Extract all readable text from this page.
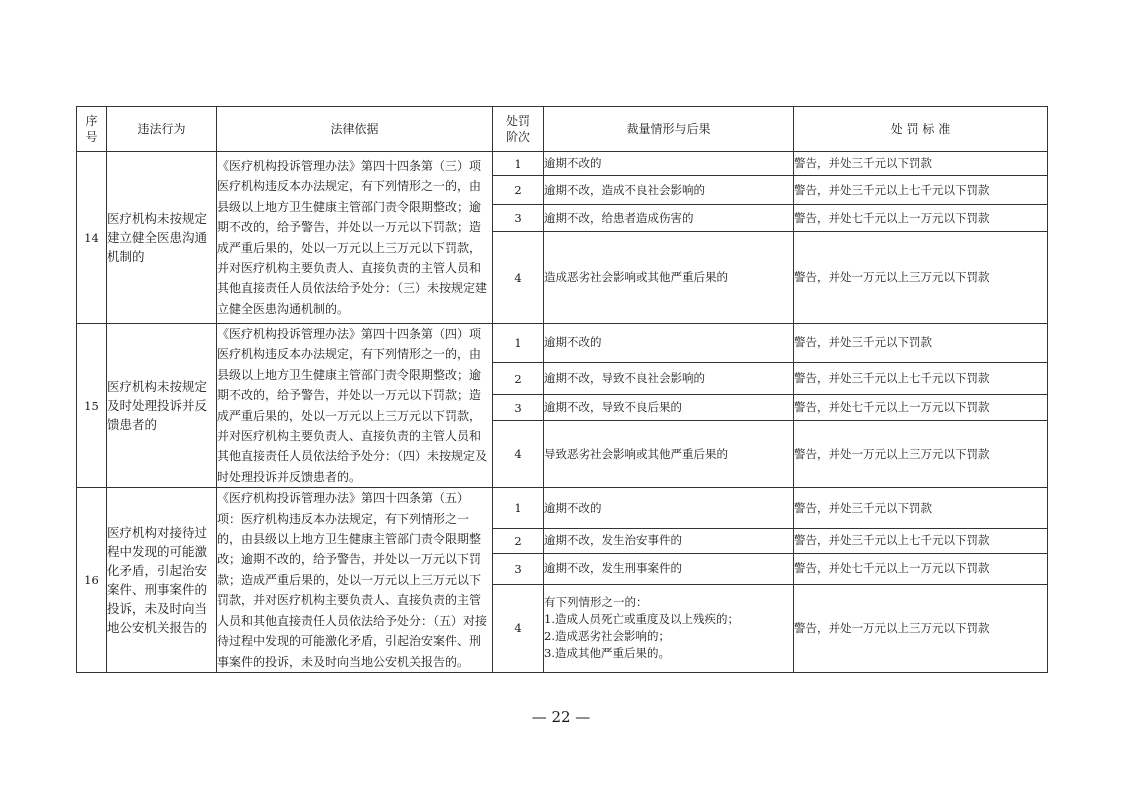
序号	违法行为	法律依据	处罚阶次	裁量情形与后果	处 罚 标 准
14	医疗机构未按规定建立健全医患沟通机制的	《医疗机构投诉管理办法》第四十四条第（三）项 医疗机构违反本办法规定，有下列情形之一的，由县级以上地方卫生健康主管部门责令限期整改；逾期不改的，给予警告，并处以一万元以下罚款；造成严重后果的，处以一万元以上三万元以下罚款，并对医疗机构主要负责人、直接负责的主管人员和其他直接责任人员依法给予处分：（三）未按规定建立健全医患沟通机制的。	1	逾期不改的	警告，并处三千元以下罚款
			2	逾期不改，造成不良社会影响的	警告，并处三千元以上七千元以下罚款
			3	逾期不改，给患者造成伤害的	警告，并处七千元以上一万元以下罚款
			4	造成恶劣社会影响或其他严重后果的	警告，并处一万元以上三万元以下罚款
15	医疗机构未按规定及时处理投诉并反馈患者的	《医疗机构投诉管理办法》第四十四条第（四）项 医疗机构违反本办法规定，有下列情形之一的，由县级以上地方卫生健康主管部门责令限期整改；逾期不改的，给予警告，并处以一万元以下罚款；造成严重后果的，处以一万元以上三万元以下罚款，并对医疗机构主要负责人、直接负责的主管人员和其他直接责任人员依法给予处分：（四）未按规定及时处理投诉并反馈患者的。	1	逾期不改的	警告，并处三千元以下罚款
			2	逾期不改，导致不良社会影响的	警告，并处三千元以上七千元以下罚款
			3	逾期不改，导致不良后果的	警告，并处七千元以上一万元以下罚款
			4	导致恶劣社会影响或其他严重后果的	警告，并处一万元以上三万元以下罚款
16	医疗机构对接待过程中发现的可能激化矛盾，引起治安案件、刑事案件的投诉，未及时向当地公安机关报告的	《医疗机构投诉管理办法》第四十四条第（五）项：医疗机构违反本办法规定，有下列情形之一的，由县级以上地方卫生健康主管部门责令限期整改；逾期不改的，给予警告，并处以一万元以下罚款；造成严重后果的，处以一万元以上三万元以下罚款，并对医疗机构主要负责人、直接负责的主管人员和其他直接责任人员依法给予处分：（五）对接待过程中发现的可能激化矛盾，引起治安案件、刑事案件的投诉，未及时向当地公安机关报告的。	1	逾期不改的	警告，并处三千元以下罚款
			2	逾期不改，发生治安事件的	警告，并处三千元以上七千元以下罚款
			3	逾期不改，发生刑事案件的	警告，并处七千元以上一万元以下罚款
			4	有下列情形之一的：
1.造成人员死亡或重度及以上残疾的；
2.造成恶劣社会影响的；
3.造成其他严重后果的。	警告，并处一万元以上三万元以下罚款
— 22 —
